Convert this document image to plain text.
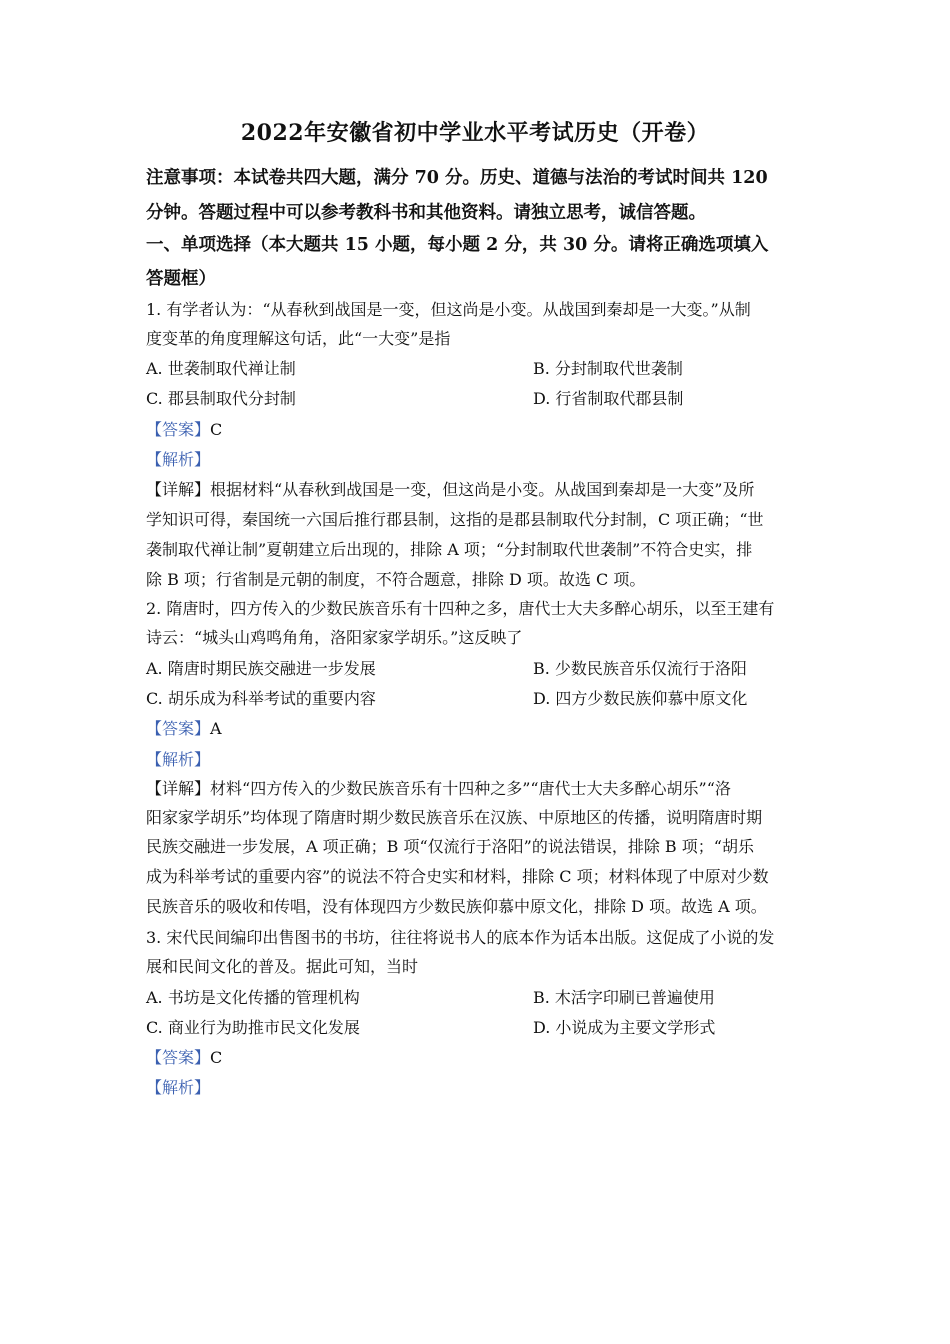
2022年安徽省初中学业水平考试历史（开卷）
注意事项：本试卷共四大题，满分 70 分。历史、道德与法治的考试时间共 120
分钟。答题过程中可以参考教科书和其他资料。请独立思考，诚信答题。
一、单项选择（本大题共 15 小题，每小题 2 分，共 30 分。请将正确选项填入
答题框）
1. 有学者认为：“从春秋到战国是一变，但这尚是小变。从战国到秦却是一大变。”从制
度变革的角度理解这句话，此“一大变”是指
A. 世袭制取代禅让制	B. 分封制取代世袭制
C. 郡县制取代分封制	D. 行省制取代郡县制
【答案】C
【解析】
【详解】根据材料“从春秋到战国是一变，但这尚是小变。从战国到秦却是一大变”及所
学知识可得，秦国统一六国后推行郡县制，这指的是郡县制取代分封制，C 项正确；“世
袭制取代禅让制”夏朝建立后出现的，排除 A 项；“分封制取代世袭制”不符合史实，排
除 B 项；行省制是元朝的制度，不符合题意，排除 D 项。故选 C 项。
2. 隋唐时，四方传入的少数民族音乐有十四种之多，唐代士大夫多醉心胡乐，以至王建有
诗云：“城头山鸡鸣角角，洛阳家家学胡乐。”这反映了
A. 隋唐时期民族交融进一步发展	B. 少数民族音乐仅流行于洛阳
C. 胡乐成为科举考试的重要内容	D. 四方少数民族仰慕中原文化
【答案】A
【解析】
【详解】材料“四方传入的少数民族音乐有十四种之多”“唐代士大夫多醉心胡乐”“洛
阳家家学胡乐”均体现了隋唐时期少数民族音乐在汉族、中原地区的传播，说明隋唐时期
民族交融进一步发展，A 项正确；B 项“仅流行于洛阳”的说法错误，排除 B 项；“胡乐
成为科举考试的重要内容”的说法不符合史实和材料，排除 C 项；材料体现了中原对少数
民族音乐的吸收和传唱，没有体现四方少数民族仰慕中原文化，排除 D 项。故选 A 项。
3. 宋代民间编印出售图书的书坊，往往将说书人的底本作为话本出版。这促成了小说的发
展和民间文化的普及。据此可知，当时
A. 书坊是文化传播的管理机构	B. 木活字印刷已普遍使用
C. 商业行为助推市民文化发展	D. 小说成为主要文学形式
【答案】C
【解析】
